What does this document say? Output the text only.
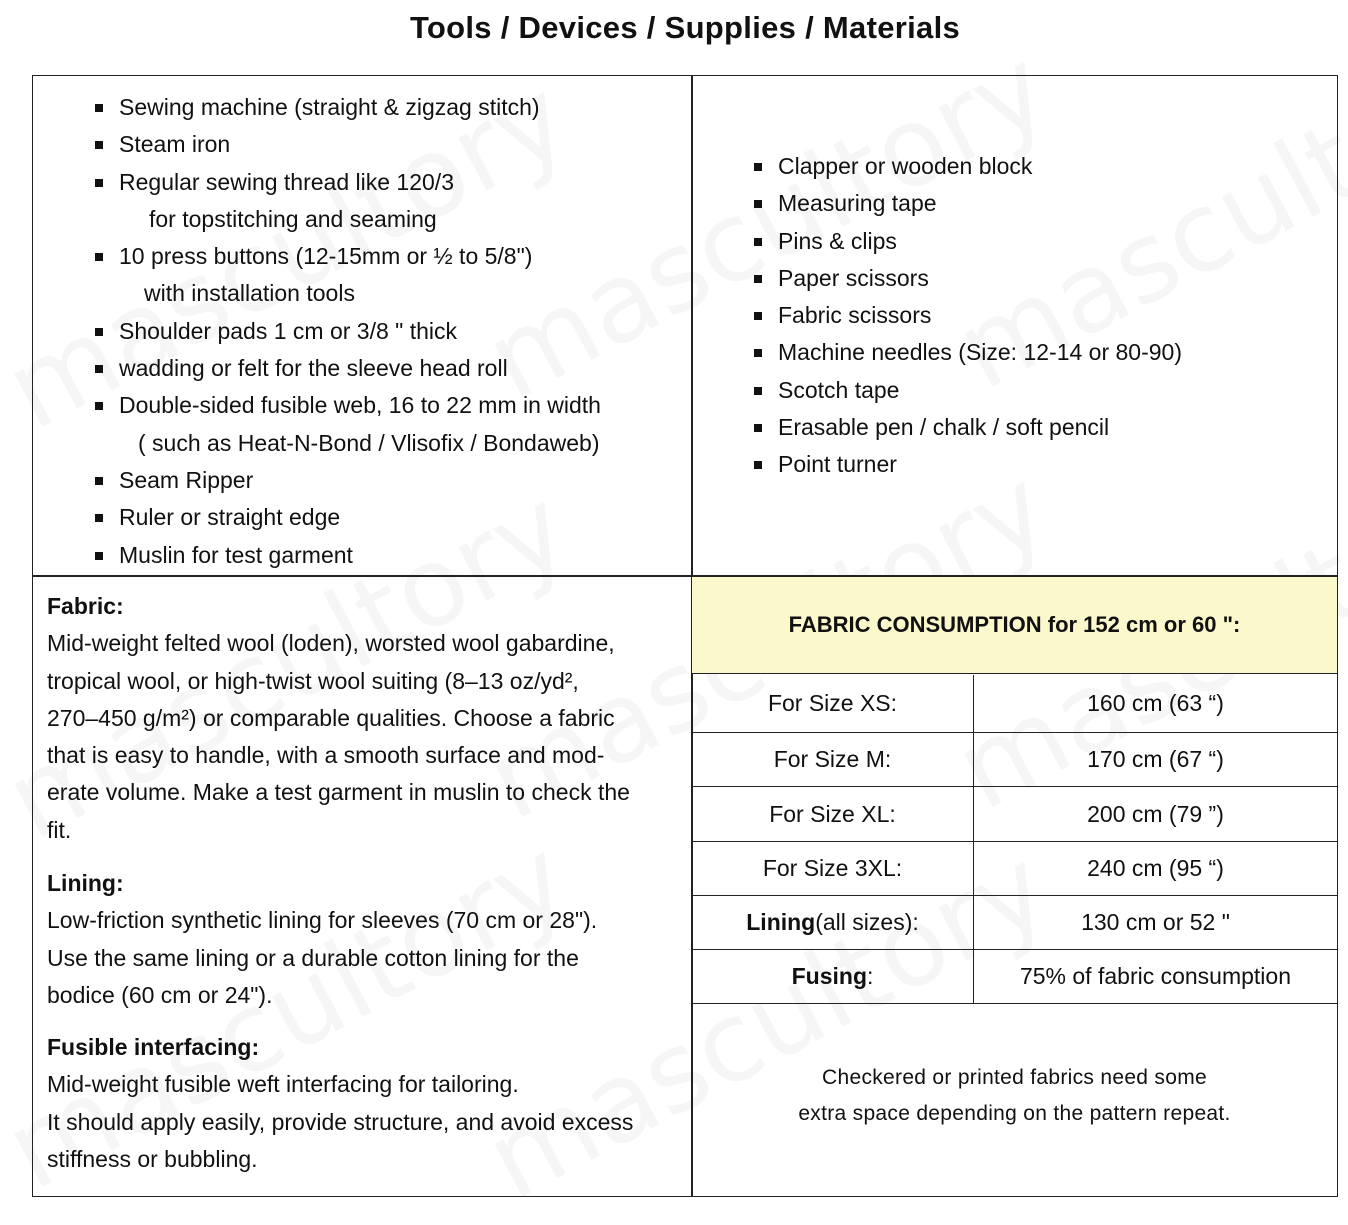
Tools / Devices / Supplies / Materials
Sewing machine (straight & zigzag stitch)
Steam iron
Regular sewing thread like 120/3
for topstitching and seaming
10 press buttons (12-15mm or ½ to 5/8")
with installation tools
Shoulder pads 1 cm or 3/8 " thick
wadding or felt for the sleeve head roll
Double-sided fusible web, 16 to 22 mm in width
( such as Heat-N-Bond / Vlisofix / Bondaweb)
Seam Ripper
Ruler or straight edge
Muslin for test garment
Clapper or wooden block
Measuring tape
Pins & clips
Paper scissors
Fabric scissors
Machine needles (Size: 12-14 or 80-90)
Scotch tape
Erasable pen / chalk / soft pencil
Point turner
Fabric:
Mid-weight felted wool (loden), worsted wool gabardine,
tropical wool, or high-twist wool suiting (8–13 oz/yd²,
270–450 g/m²) or comparable qualities. Choose a fabric
that is easy to handle, with a smooth surface and mod-
erate volume. Make a test garment in muslin to check the
fit.
Lining:
Low-friction synthetic lining for sleeves (70 cm or 28").
Use the same lining or a durable cotton lining for the
bodice (60 cm or 24").
Fusible interfacing:
Mid-weight fusible weft interfacing for tailoring.
It should apply easily, provide structure, and avoid excess
stiffness or bubbling.
FABRIC CONSUMPTION for 152 cm or 60 ":
For Size XS:	160 cm (63 “)
For Size M:	170 cm (67 “)
For Size XL:	200 cm (79 ”)
For Size 3XL:	240 cm (95 “)
Lining (all sizes):	130 cm or 52 "
Fusing :	75% of fabric consumption
Checkered or printed fabrics need some
extra space depending on the pattern repeat.
